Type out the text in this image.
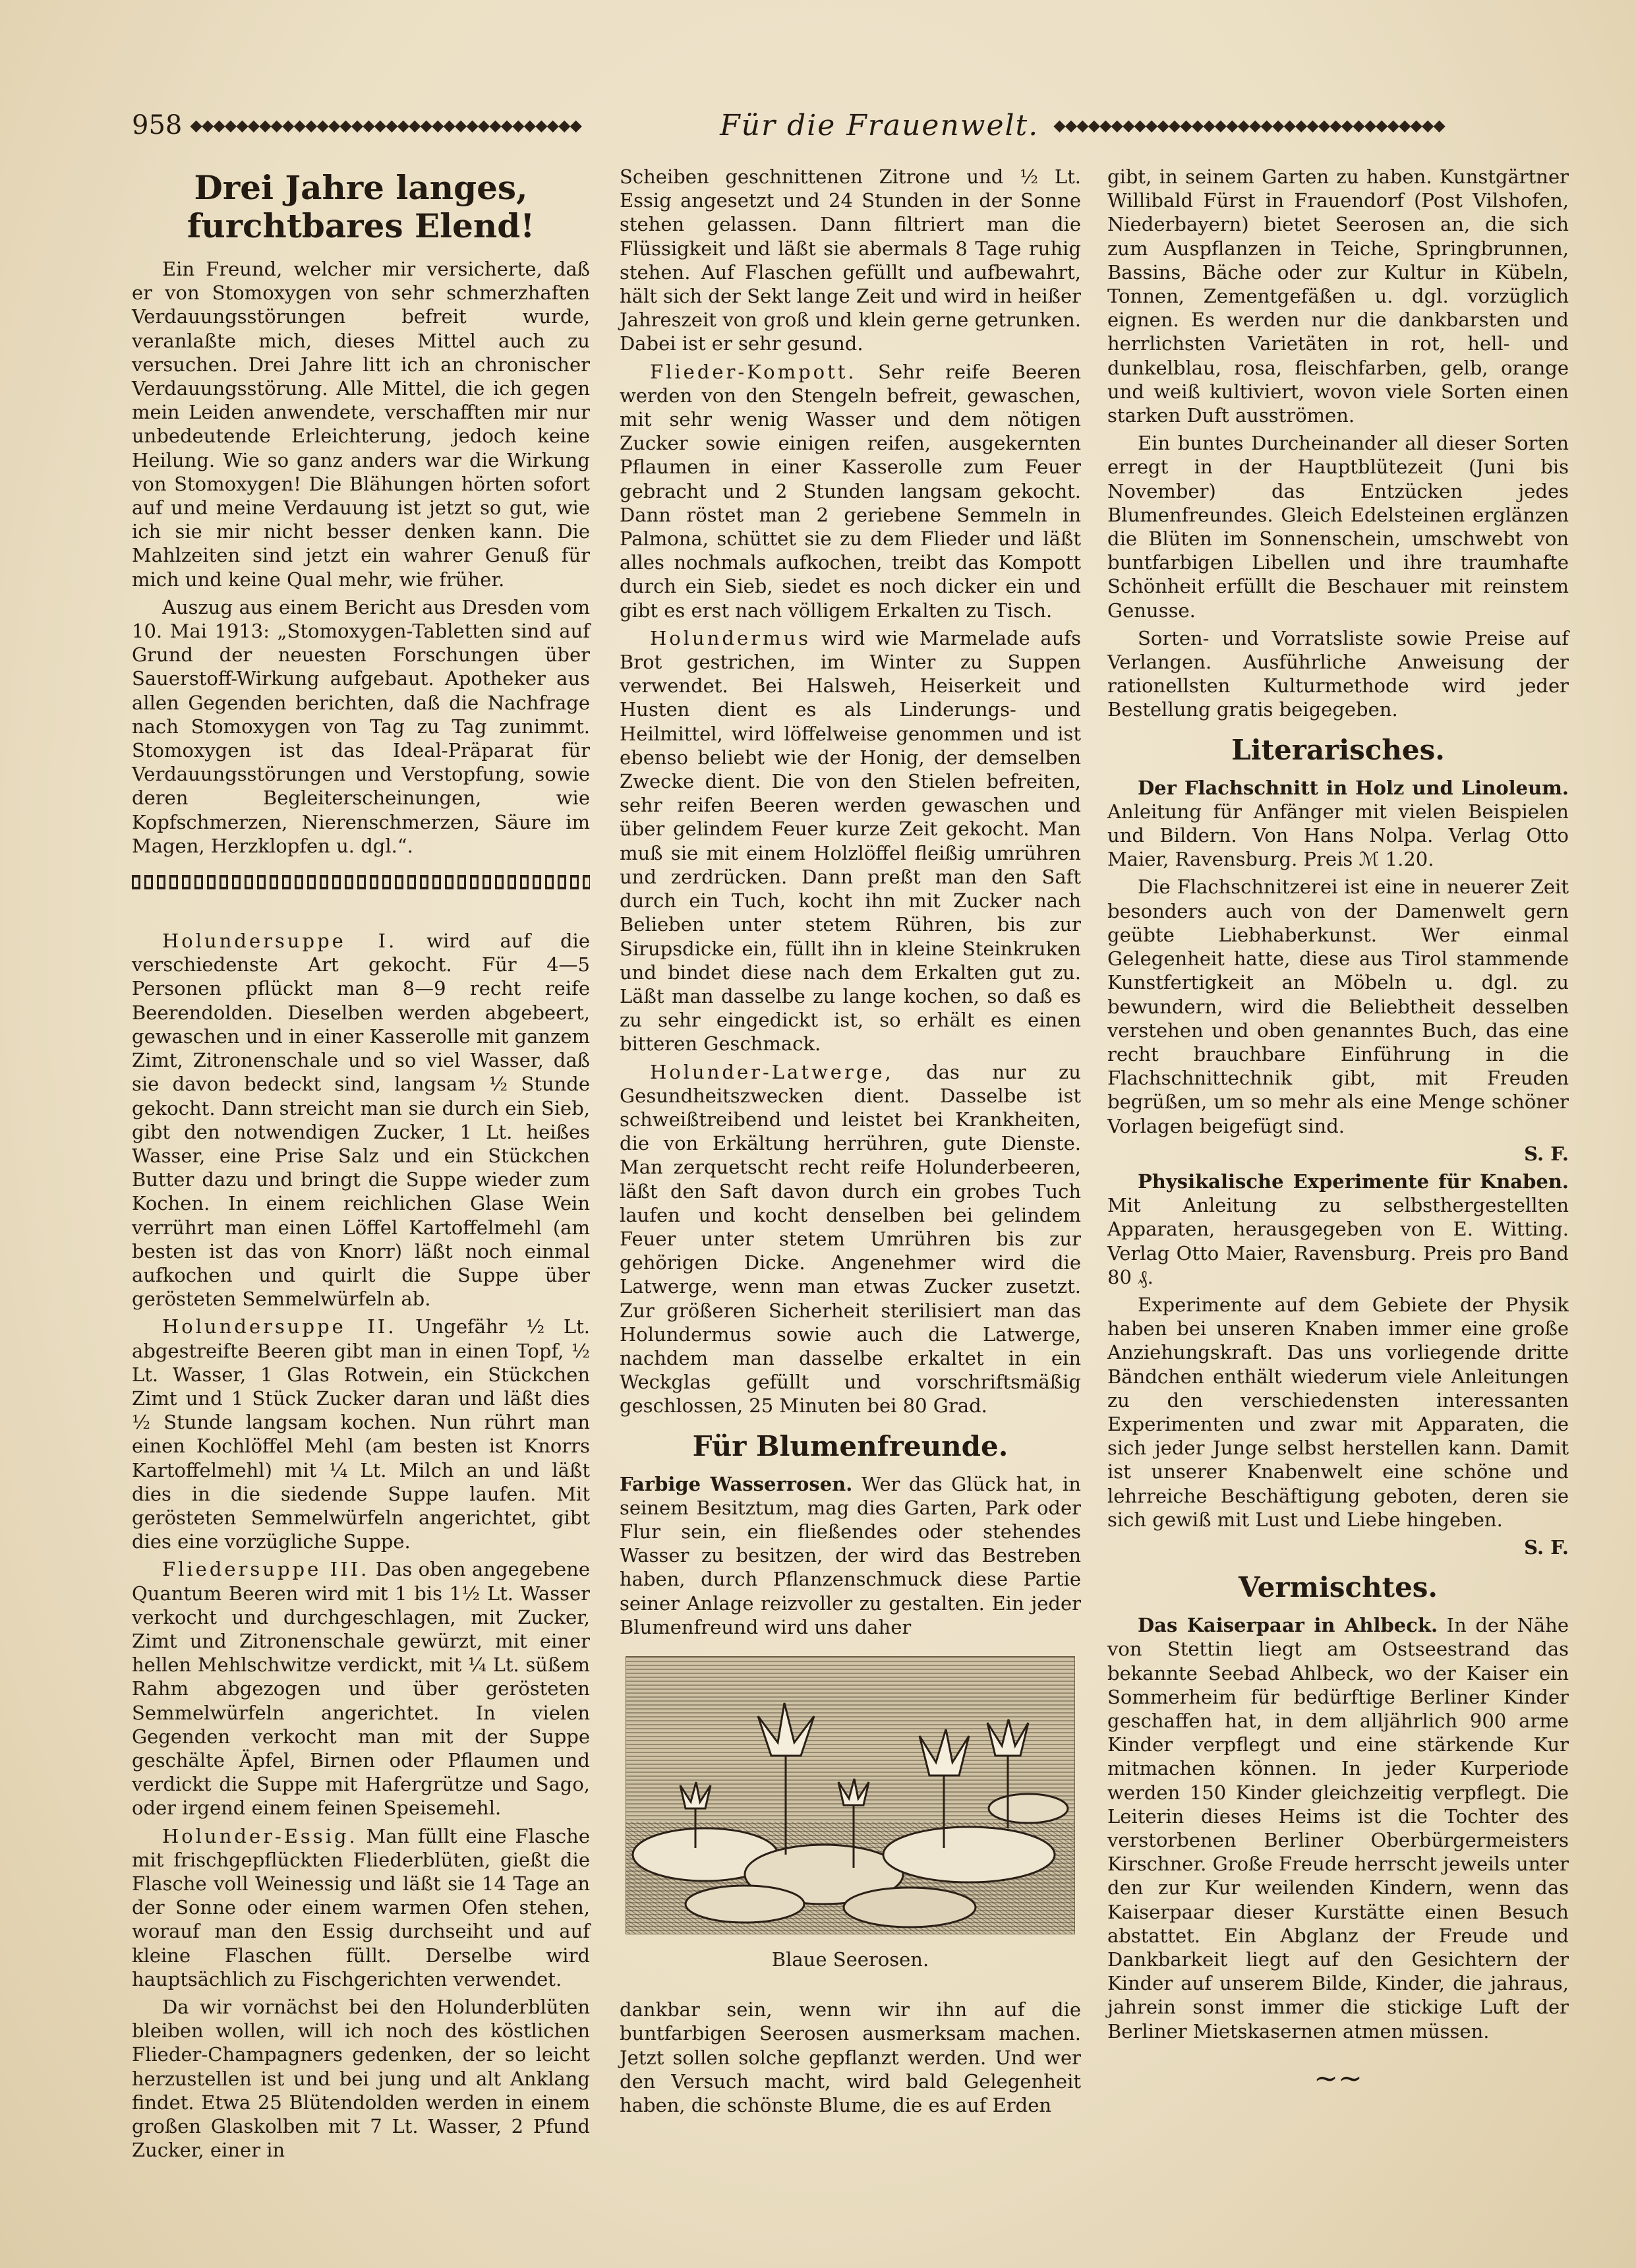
958 ◆◆◆◆◆◆◆◆◆◆◆◆◆◆◆◆◆◆◆◆◆◆◆◆◆◆◆◆◆◆◆◆◆◆	Für die Frauenwelt. ◆◆◆◆◆◆◆◆◆◆◆◆◆◆◆◆◆◆◆◆◆◆◆◆◆◆◆◆◆◆◆◆◆◆
Drei Jahre langes, furchtbares Elend!

Ein Freund, welcher mir versicherte, daß er von Stomoxygen von sehr schmerzhaften Verdauungsstörungen befreit wurde, veranlaßte mich, dieses Mittel auch zu versuchen. Drei Jahre litt ich an chronischer Verdauungsstörung. Alle Mittel, die ich gegen mein Leiden anwendete, verschafften mir nur unbedeutende Erleichterung, jedoch keine Heilung. Wie so ganz anders war die Wirkung von Stomoxygen! Die Blähungen hörten sofort auf und meine Verdauung ist jetzt so gut, wie ich sie mir nicht besser denken kann. Die Mahlzeiten sind jetzt ein wahrer Genuß für mich und keine Qual mehr, wie früher.

Auszug aus einem Bericht aus Dresden vom 10. Mai 1913: „Stomoxygen-Tabletten sind auf Grund der neuesten Forschungen über Sauerstoff-Wirkung aufgebaut. Apotheker aus allen Gegenden berichten, daß die Nachfrage nach Stomoxygen von Tag zu Tag zunimmt. Stomoxygen ist das Ideal-Präparat für Verdauungsstörungen und Verstopfung, sowie deren Begleiterscheinungen, wie Kopfschmerzen, Nierenschmerzen, Säure im Magen, Herzklopfen u. dgl.“.

Holundersuppe I. wird auf die verschiedenste Art gekocht. Für 4—5 Personen pflückt man 8—9 recht reife Beerendolden. Dieselben werden abgebeert, gewaschen und in einer Kasserolle mit ganzem Zimt, Zitronenschale und so viel Wasser, daß sie davon bedeckt sind, langsam ½ Stunde gekocht. Dann streicht man sie durch ein Sieb, gibt den notwendigen Zucker, 1 Lt. heißes Wasser, eine Prise Salz und ein Stückchen Butter dazu und bringt die Suppe wieder zum Kochen. In einem reichlichen Glase Wein verrührt man einen Löffel Kartoffelmehl (am besten ist das von Knorr) läßt noch einmal aufkochen und quirlt die Suppe über gerösteten Semmelwürfeln ab.

Holundersuppe II. Ungefähr ½ Lt. abgestreifte Beeren gibt man in einen Topf, ½ Lt. Wasser, 1 Glas Rotwein, ein Stückchen Zimt und 1 Stück Zucker daran und läßt dies ½ Stunde langsam kochen. Nun rührt man einen Kochlöffel Mehl (am besten ist Knorrs Kartoffelmehl) mit ¼ Lt. Milch an und läßt dies in die siedende Suppe laufen. Mit gerösteten Semmelwürfeln angerichtet, gibt dies eine vorzügliche Suppe.

Fliedersuppe III. Das oben angegebene Quantum Beeren wird mit 1 bis 1½ Lt. Wasser verkocht und durchgeschlagen, mit Zucker, Zimt und Zitronenschale gewürzt, mit einer hellen Mehlschwitze verdickt, mit ¼ Lt. süßem Rahm abgezogen und über gerösteten Semmelwürfeln angerichtet. In vielen Gegenden verkocht man mit der Suppe geschälte Äpfel, Birnen oder Pflaumen und verdickt die Suppe mit Hafergrütze und Sago, oder irgend einem feinen Speisemehl.

Holunder-Essig. Man füllt eine Flasche mit frischgepflückten Fliederblüten, gießt die Flasche voll Weinessig und läßt sie 14 Tage an der Sonne oder einem warmen Ofen stehen, worauf man den Essig durchseiht und auf kleine Flaschen füllt. Derselbe wird hauptsächlich zu Fischgerichten verwendet.

Da wir vornächst bei den Holunderblüten bleiben wollen, will ich noch des köstlichen Flieder-Champagners gedenken, der so leicht herzustellen ist und bei jung und alt Anklang findet. Etwa 25 Blütendolden werden in einem großen Glaskolben mit 7 Lt. Wasser, 2 Pfund Zucker, einer in

Scheiben geschnittenen Zitrone und ½ Lt. Essig angesetzt und 24 Stunden in der Sonne stehen gelassen. Dann filtriert man die Flüssigkeit und läßt sie abermals 8 Tage ruhig stehen. Auf Flaschen gefüllt und aufbewahrt, hält sich der Sekt lange Zeit und wird in heißer Jahreszeit von groß und klein gerne getrunken. Dabei ist er sehr gesund.

Flieder-Kompott. Sehr reife Beeren werden von den Stengeln befreit, gewaschen, mit sehr wenig Wasser und dem nötigen Zucker sowie einigen reifen, ausgekernten Pflaumen in einer Kasserolle zum Feuer gebracht und 2 Stunden langsam gekocht. Dann röstet man 2 geriebene Semmeln in Palmona, schüttet sie zu dem Flieder und läßt alles nochmals aufkochen, treibt das Kompott durch ein Sieb, siedet es noch dicker ein und gibt es erst nach völligem Erkalten zu Tisch.

Holundermus wird wie Marmelade aufs Brot gestrichen, im Winter zu Suppen verwendet. Bei Halsweh, Heiserkeit und Husten dient es als Linderungs- und Heilmittel, wird löffelweise genommen und ist ebenso beliebt wie der Honig, der demselben Zwecke dient. Die von den Stielen befreiten, sehr reifen Beeren werden gewaschen und über gelindem Feuer kurze Zeit gekocht. Man muß sie mit einem Holzlöffel fleißig umrühren und zerdrücken. Dann preßt man den Saft durch ein Tuch, kocht ihn mit Zucker nach Belieben unter stetem Rühren, bis zur Sirupsdicke ein, füllt ihn in kleine Steinkruken und bindet diese nach dem Erkalten gut zu. Läßt man dasselbe zu lange kochen, so daß es zu sehr eingedickt ist, so erhält es einen bitteren Geschmack.

Holunder-Latwerge, das nur zu Gesundheitszwecken dient. Dasselbe ist schweißtreibend und leistet bei Krankheiten, die von Erkältung herrühren, gute Dienste. Man zerquetscht recht reife Holunderbeeren, läßt den Saft davon durch ein grobes Tuch laufen und kocht denselben bei gelindem Feuer unter stetem Umrühren bis zur gehörigen Dicke. Angenehmer wird die Latwerge, wenn man etwas Zucker zusetzt. Zur größeren Sicherheit sterilisiert man das Holundermus sowie auch die Latwerge, nachdem man dasselbe erkaltet in ein Weckglas gefüllt und vorschriftsmäßig geschlossen, 25 Minuten bei 80 Grad.

Für Blumenfreunde.

Farbige Wasserrosen. Wer das Glück hat, in seinem Besitztum, mag dies Garten, Park oder Flur sein, ein fließendes oder stehendes Wasser zu besitzen, der wird das Bestreben haben, durch Pflanzenschmuck diese Partie seiner Anlage reizvoller zu gestalten. Ein jeder Blumenfreund wird uns daher

Blaue Seerosen.

dankbar sein, wenn wir ihn auf die buntfarbigen Seerosen ausmerksam machen. Jetzt sollen solche gepflanzt werden. Und wer den Versuch macht, wird bald Gelegenheit haben, die schönste Blume, die es auf Erden

gibt, in seinem Garten zu haben. Kunstgärtner Willibald Fürst in Frauendorf (Post Vilshofen, Niederbayern) bietet Seerosen an, die sich zum Auspflanzen in Teiche, Springbrunnen, Bassins, Bäche oder zur Kultur in Kübeln, Tonnen, Zementgefäßen u. dgl. vorzüglich eignen. Es werden nur die dankbarsten und herrlichsten Varietäten in rot, hell- und dunkelblau, rosa, fleischfarben, gelb, orange und weiß kultiviert, wovon viele Sorten einen starken Duft ausströmen.

Ein buntes Durcheinander all dieser Sorten erregt in der Hauptblütezeit (Juni bis November) das Entzücken jedes Blumenfreundes. Gleich Edelsteinen erglänzen die Blüten im Sonnenschein, umschwebt von buntfarbigen Libellen und ihre traumhafte Schönheit erfüllt die Beschauer mit reinstem Genusse.

Sorten- und Vorratsliste sowie Preise auf Verlangen. Ausführliche Anweisung der rationellsten Kulturmethode wird jeder Bestellung gratis beigegeben.

Literarisches.

Der Flachschnitt in Holz und Linoleum. Anleitung für Anfänger mit vielen Beispielen und Bildern. Von Hans Nolpa. Verlag Otto Maier, Ravensburg. Preis ℳ 1.20.

Die Flachschnitzerei ist eine in neuerer Zeit besonders auch von der Damenwelt gern geübte Liebhaberkunst. Wer einmal Gelegenheit hatte, diese aus Tirol stammende Kunstfertigkeit an Möbeln u. dgl. zu bewundern, wird die Beliebtheit desselben verstehen und oben genanntes Buch, das eine recht brauchbare Einführung in die Flachschnittechnik gibt, mit Freuden begrüßen, um so mehr als eine Menge schöner Vorlagen beigefügt sind.

S. F.

Physikalische Experimente für Knaben. Mit Anleitung zu selbsthergestellten Apparaten, herausgegeben von E. Witting. Verlag Otto Maier, Ravensburg. Preis pro Band 80 ₰.

Experimente auf dem Gebiete der Physik haben bei unseren Knaben immer eine große Anziehungskraft. Das uns vorliegende dritte Bändchen enthält wiederum viele Anleitungen zu den verschiedensten interessanten Experimenten und zwar mit Apparaten, die sich jeder Junge selbst herstellen kann. Damit ist unserer Knabenwelt eine schöne und lehrreiche Beschäftigung geboten, deren sie sich gewiß mit Lust und Liebe hingeben.

S. F.

Vermischtes.

Das Kaiserpaar in Ahlbeck. In der Nähe von Stettin liegt am Ostseestrand das bekannte Seebad Ahlbeck, wo der Kaiser ein Sommerheim für bedürftige Berliner Kinder geschaffen hat, in dem alljährlich 900 arme Kinder verpflegt und eine stärkende Kur mitmachen können. In jeder Kurperiode werden 150 Kinder gleichzeitig verpflegt. Die Leiterin dieses Heims ist die Tochter des verstorbenen Berliner Oberbürgermeisters Kirschner. Große Freude herrscht jeweils unter den zur Kur weilenden Kindern, wenn das Kaiserpaar dieser Kurstätte einen Besuch abstattet. Ein Abglanz der Freude und Dankbarkeit liegt auf den Gesichtern der Kinder auf unserem Bilde, Kinder, die jahraus, jahrein sonst immer die stickige Luft der Berliner Mietskasernen atmen müssen.

∼∼
